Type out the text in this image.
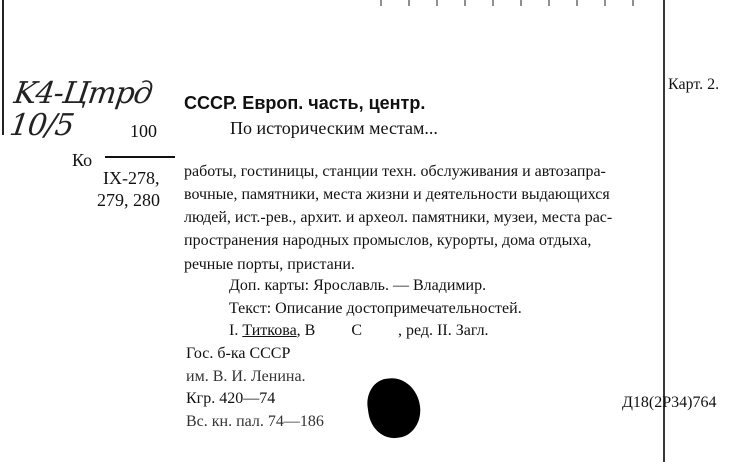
K4-Цтрд 10/5	100
Ко
IX-278,
279, 280
Карт. 2.
СССР. Европ. часть, центр.
По историческим местам...
работы, гостиницы, станции техн. обслуживания и автозапра-
вочные, памятники, места жизни и деятельности выдающихся
людей, ист.-рев., архит. и археол. памятники, музеи, места рас-
пространения народных промыслов, курорты, дома отдыха,
речные порты, пристани.
Доп. карты: Ярославль. — Владимир.
Текст: Описание достопримечательностей.
I. Титкова, В         С         , ред. II. Загл.
Гос. б-ка СССР
им. В. И. Ленина.
Кгр. 420—74
Вс. кн. пал. 74—186
Д18(2Р34)764
